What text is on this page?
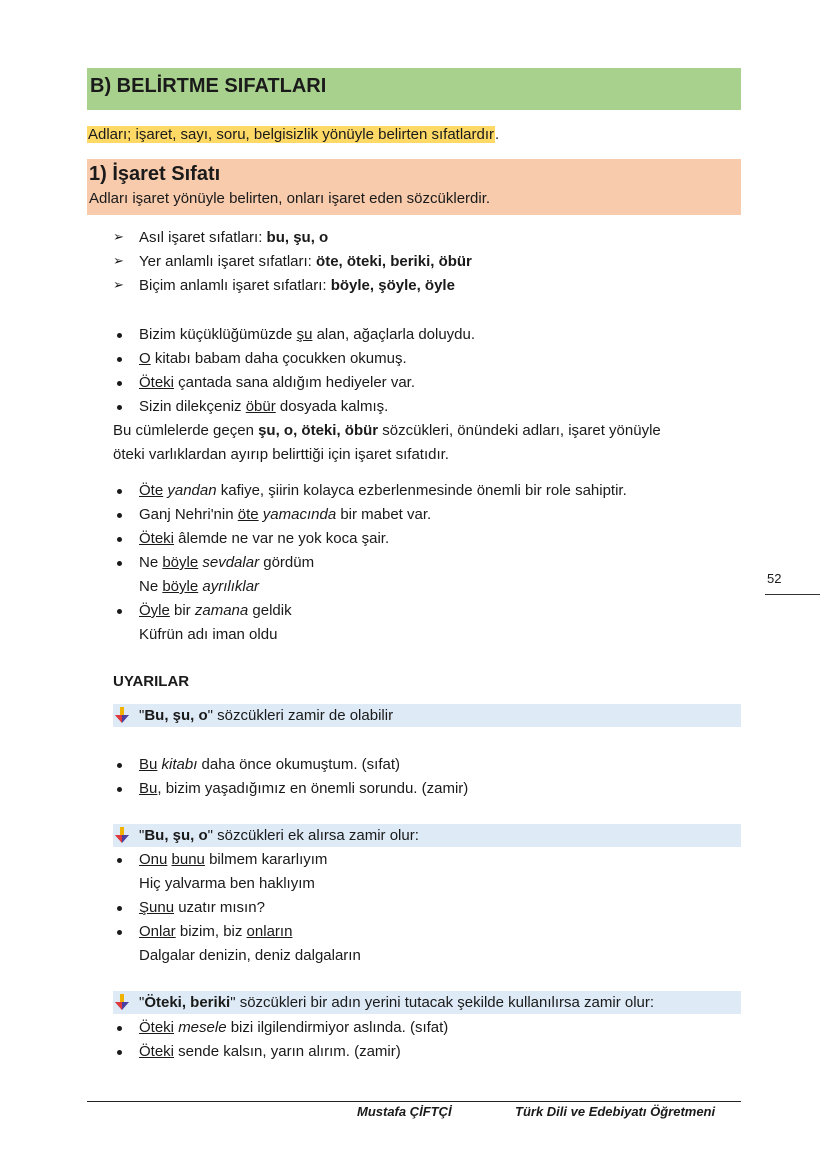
B) BELİRTME SIFATLARI
Adları; işaret, sayı, soru, belgisizlik yönüyle belirten sıfatlardır.
1) İşaret Sıfatı
Adları işaret yönüyle belirten, onları işaret eden sözcüklerdir.
➢ Asıl işaret sıfatları: bu, şu, o
➢ Yer anlamlı işaret sıfatları: öte, öteki, beriki, öbür
➢ Biçim anlamlı işaret sıfatları: böyle, şöyle, öyle
Bizim küçüklüğümüzde şu alan, ağaçlarla doluydu.
O kitabı babam daha çocukken okumuş.
Öteki çantada sana aldığım hediyeler var.
Sizin dilekçeniz öbür dosyada kalmış.
Bu cümlelerde geçen şu, o, öteki, öbür sözcükleri, önündeki adları, işaret yönüyle
öteki varlıklardan ayırıp belirttiği için işaret sıfatıdır.
Öte yandan kafiye, şiirin kolayca ezberlenmesinde önemli bir role sahiptir.
Ganj Nehri'nin öte yamacında bir mabet var.
Öteki âlemde ne var ne yok koca şair.
Ne böyle sevdalar gördüm
Ne böyle ayrılıklar
Öyle bir zamana geldik
Küfrün adı iman oldu
52
UYARILAR
"Bu, şu, o" sözcükleri zamir de olabilir
Bu kitabı daha önce okumuştum. (sıfat)
Bu, bizim yaşadığımız en önemli sorundu. (zamir)
"Bu, şu, o" sözcükleri ek alırsa zamir olur:
Onu bunu bilmem kararlıyım
Hiç yalvarma ben haklıyım
Şunu uzatır mısın?
Onlar bizim, biz onların
Dalgalar denizin, deniz dalgaların
"Öteki, beriki" sözcükleri bir adın yerini tutacak şekilde kullanılırsa zamir olur:
Öteki mesele bizi ilgilendirmiyor aslında. (sıfat)
Öteki sende kalsın, yarın alırım. (zamir)
Mustafa ÇİFTÇİ	Türk Dili ve Edebiyatı Öğretmeni
